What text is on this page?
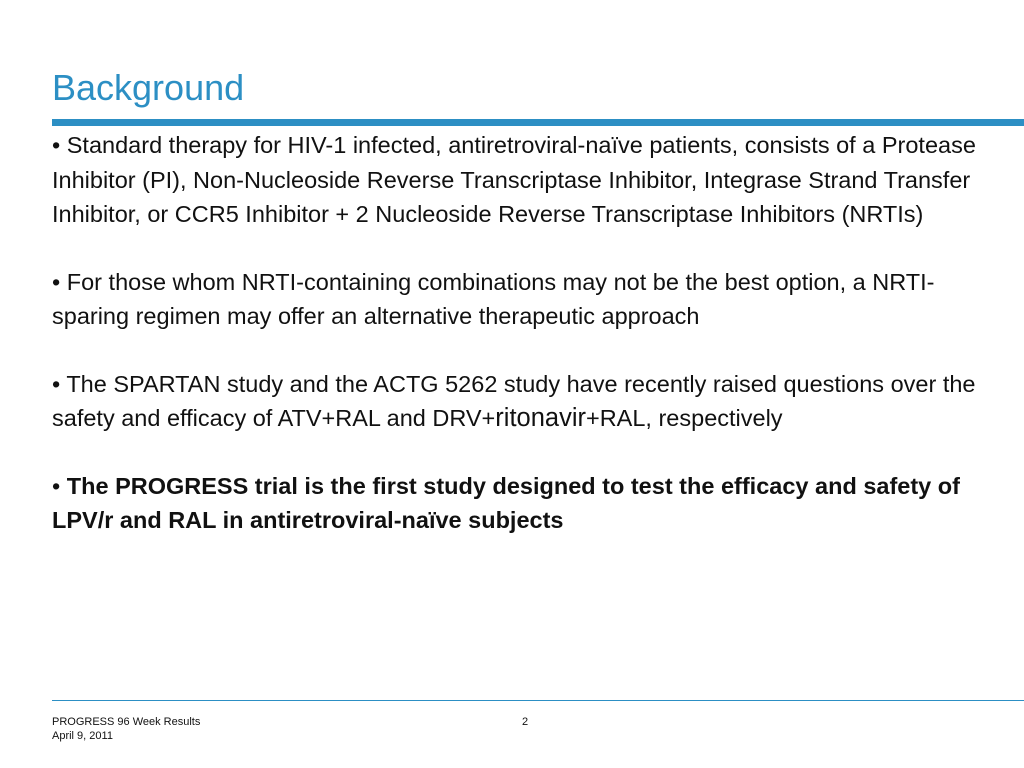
Background

• Standard therapy for HIV-1 infected, antiretroviral-naïve patients, consists of a Protease Inhibitor (PI), Non-Nucleoside Reverse Transcriptase Inhibitor, Integrase Strand Transfer Inhibitor, or CCR5 Inhibitor + 2 Nucleoside Reverse Transcriptase Inhibitors (NRTIs)

• For those whom NRTI-containing combinations may not be the best option, a NRTI-sparing regimen may offer an alternative therapeutic approach

• The SPARTAN study and the ACTG 5262 study have recently raised questions over the safety and efficacy of ATV+RAL and DRV+ritonavir+RAL, respectively

• The PROGRESS trial is the first study designed to test the efficacy and safety of LPV/r and RAL in antiretroviral-naïve subjects

PROGRESS 96 Week Results
April 9, 2011
2
